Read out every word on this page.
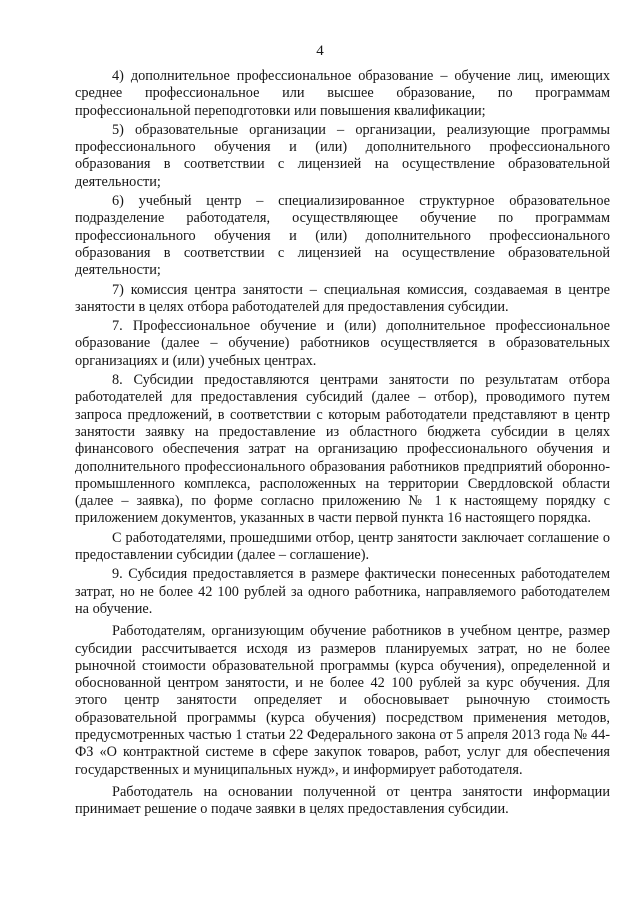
4

4) дополнительное профессиональное образование – обучение лиц, имеющих среднее профессиональное или высшее образование, по программам профессиональной переподготовки или повышения квалификации;

5) образовательные организации – организации, реализующие программы профессионального обучения и (или) дополнительного профессионального образования в соответствии с лицензией на осуществление образовательной деятельности;

6) учебный центр – специализированное структурное образовательное подразделение работодателя, осуществляющее обучение по программам профессионального обучения и (или) дополнительного профессионального образования в соответствии с лицензией на осуществление образовательной деятельности;

7) комиссия центра занятости – специальная комиссия, создаваемая в центре занятости в целях отбора работодателей для предоставления субсидии.

7. Профессиональное обучение и (или) дополнительное профессиональное образование (далее – обучение) работников осуществляется в образовательных организациях и (или) учебных центрах.

8. Субсидии предоставляются центрами занятости по результатам отбора работодателей для предоставления субсидий (далее – отбор), проводимого путем запроса предложений, в соответствии с которым работодатели представляют в центр занятости заявку на предоставление из областного бюджета субсидии в целях финансового обеспечения затрат на организацию профессионального обучения и дополнительного профессионального образования работников предприятий оборонно-промышленного комплекса, расположенных на территории Свердловской области (далее – заявка), по форме согласно приложению № 1 к настоящему порядку с приложением документов, указанных в части первой пункта 16 настоящего порядка.

С работодателями, прошедшими отбор, центр занятости заключает соглашение о предоставлении субсидии (далее – соглашение).

9. Субсидия предоставляется в размере фактически понесенных работодателем затрат, но не более 42 100 рублей за одного работника, направляемого работодателем на обучение.

Работодателям, организующим обучение работников в учебном центре, размер субсидии рассчитывается исходя из размеров планируемых затрат, но не более рыночной стоимости образовательной программы (курса обучения), определенной и обоснованной центром занятости, и не более 42 100 рублей за курс обучения. Для этого центр занятости определяет и обосновывает рыночную стоимость образовательной программы (курса обучения) посредством применения методов, предусмотренных частью 1 статьи 22 Федерального закона от 5 апреля 2013 года № 44-ФЗ «О контрактной системе в сфере закупок товаров, работ, услуг для обеспечения государственных и муниципальных нужд», и информирует работодателя.

Работодатель на основании полученной от центра занятости информации принимает решение о подаче заявки в целях предоставления субсидии.
